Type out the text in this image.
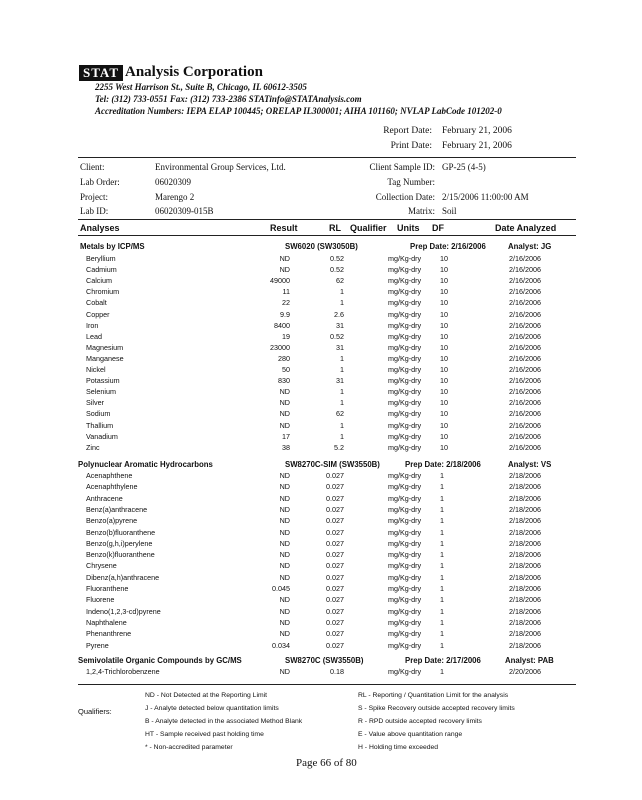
STAT Analysis Corporation
2255 West Harrison St., Suite B, Chicago, IL 60612-3505
Tel: (312) 733-0551 Fax: (312) 733-2386 STATinfo@STATAnalysis.com
Accreditation Numbers: IEPA ELAP 100445; ORELAP IL300001; AIHA 101160; NVLAP LabCode 101202-0
Report Date: February 21, 2006
Print Date: February 21, 2006
Client:	Environmental Group Services, Ltd.	Client Sample ID: GP-25 (4-5)
Lab Order:	06020309	Tag Number:
Project:	Marengo 2	Collection Date: 2/15/2006 11:00:00 AM
Lab ID:	06020309-015B	Matrix: Soil
Analyses	Result	RL Qualifier Units DF	Date Analyzed
Metals by ICP/MS	SW6020 (SW3050B)	Prep Date: 2/16/2006	Analyst: JG
Beryllium	ND	0.52	mg/Kg-dry	10	2/16/2006
Cadmium	ND	0.52	mg/Kg-dry	10	2/16/2006
Calcium	49000	62	mg/Kg-dry	10	2/16/2006
Chromium	11	1	mg/Kg-dry	10	2/16/2006
Cobalt	22	1	mg/Kg-dry	10	2/16/2006
Copper	9.9	2.6	mg/Kg-dry	10	2/16/2006
Iron	8400	31	mg/Kg-dry	10	2/16/2006
Lead	19	0.52	mg/Kg-dry	10	2/16/2006
Magnesium	23000	31	mg/Kg-dry	10	2/16/2006
Manganese	280	1	mg/Kg-dry	10	2/16/2006
Nickel	50	1	mg/Kg-dry	10	2/16/2006
Potassium	830	31	mg/Kg-dry	10	2/16/2006
Selenium	ND	1	mg/Kg-dry	10	2/16/2006
Silver	ND	1	mg/Kg-dry	10	2/16/2006
Sodium	ND	62	mg/Kg-dry	10	2/16/2006
Thallium	ND	1	mg/Kg-dry	10	2/16/2006
Vanadium	17	1	mg/Kg-dry	10	2/16/2006
Zinc	38	5.2	mg/Kg-dry	10	2/16/2006
Polynuclear Aromatic Hydrocarbons	SW8270C-SIM (SW3550B)	Prep Date: 2/18/2006	Analyst: VS
Acenaphthene	ND	0.027	mg/Kg-dry	1	2/18/2006
Acenaphthylene	ND	0.027	mg/Kg-dry	1	2/18/2006
Anthracene	ND	0.027	mg/Kg-dry	1	2/18/2006
Benz(a)anthracene	ND	0.027	mg/Kg-dry	1	2/18/2006
Benzo(a)pyrene	ND	0.027	mg/Kg-dry	1	2/18/2006
Benzo(b)fluoranthene	ND	0.027	mg/Kg-dry	1	2/18/2006
Benzo(g,h,i)perylene	ND	0.027	mg/Kg-dry	1	2/18/2006
Benzo(k)fluoranthene	ND	0.027	mg/Kg-dry	1	2/18/2006
Chrysene	ND	0.027	mg/Kg-dry	1	2/18/2006
Dibenz(a,h)anthracene	ND	0.027	mg/Kg-dry	1	2/18/2006
Fluoranthene	0.045	0.027	mg/Kg-dry	1	2/18/2006
Fluorene	ND	0.027	mg/Kg-dry	1	2/18/2006
Indeno(1,2,3-cd)pyrene	ND	0.027	mg/Kg-dry	1	2/18/2006
Naphthalene	ND	0.027	mg/Kg-dry	1	2/18/2006
Phenanthrene	ND	0.027	mg/Kg-dry	1	2/18/2006
Pyrene	0.034	0.027	mg/Kg-dry	1	2/18/2006
Semivolatile Organic Compounds by GC/MS	SW8270C (SW3550B)	Prep Date: 2/17/2006	Analyst: PAB
1,2,4-Trichlorobenzene	ND	0.18	mg/Kg-dry	1	2/20/2006
Qualifiers:
ND - Not Detected at the Reporting Limit
J - Analyte detected below quantitation limits
B - Analyte detected in the associated Method Blank
HT - Sample received past holding time
* - Non-accredited parameter
RL - Reporting / Quantitation Limit for the analysis
S - Spike Recovery outside accepted recovery limits
R - RPD outside accepted recovery limits
E - Value above quantitation range
H - Holding time exceeded
Page 66 of 80
